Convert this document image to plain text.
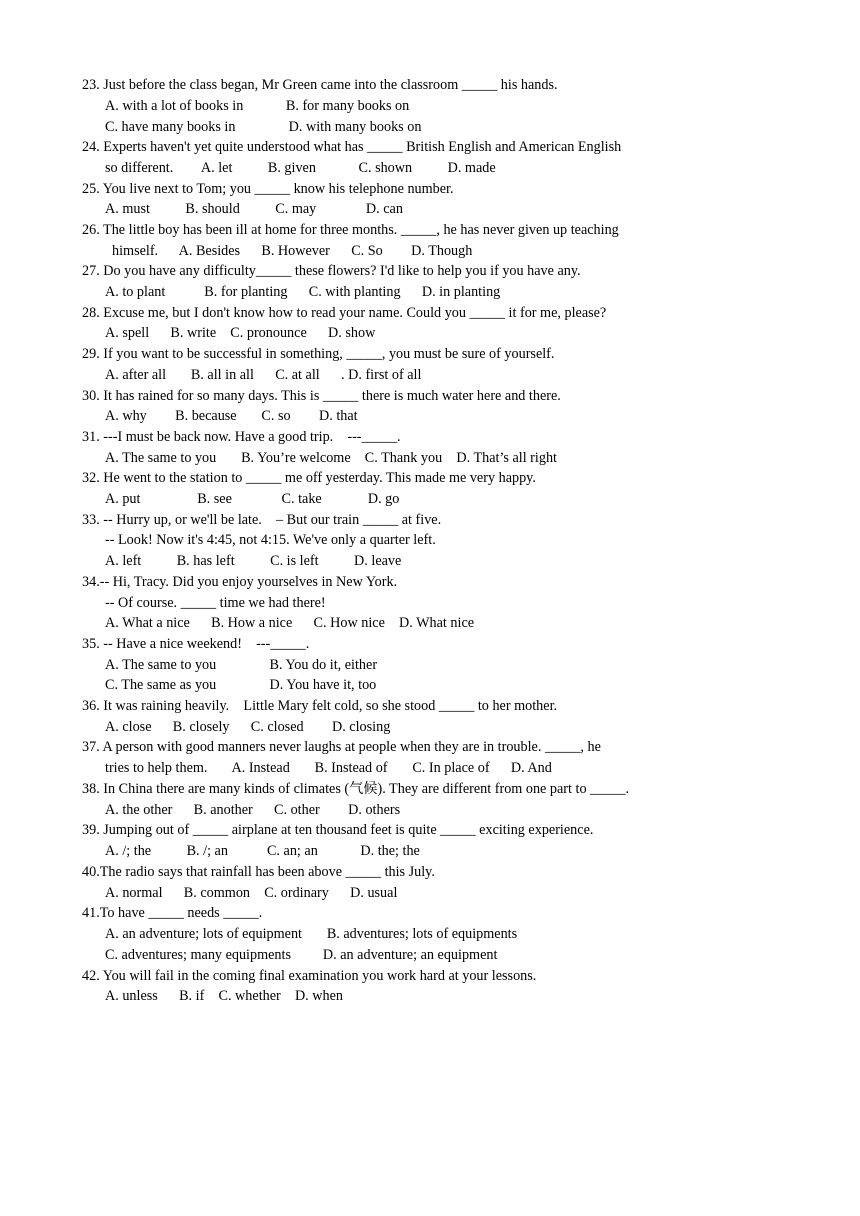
23. Just before the class began, Mr Green came into the classroom _____ his hands.
A. with a lot of books in            B. for many books on
C. have many books in               D. with many books on
24. Experts haven't yet quite understood what has _____ British English and American English
so different.        A. let          B. given            C. shown          D. made
25. You live next to Tom; you _____ know his telephone number.
A. must          B. should          C. may              D. can
26. The little boy has been ill at home for three months. _____, he has never given up teaching
himself.      A. Besides      B. However      C. So        D. Though
27. Do you have any difficulty_____ these flowers? I'd like to help you if you have any.
A. to plant           B. for planting      C. with planting      D. in planting
28. Excuse me, but I don't know how to read your name. Could you _____ it for me, please?
A. spell      B. write    C. pronounce      D. show
29. If you want to be successful in something, _____, you must be sure of yourself.
A. after all       B. all in all      C. at all      . D. first of all
30. It has rained for so many days. This is _____ there is much water here and there.
A. why        B. because       C. so        D. that
31. ---I must be back now. Have a good trip.    ---_____.
A. The same to you       B. You’re welcome    C. Thank you    D. That’s all right
32. He went to the station to _____ me off yesterday. This made me very happy.
A. put                B. see              C. take             D. go
33. -- Hurry up, or we'll be late.    – But our train _____ at five.
-- Look! Now it's 4:45, not 4:15. We've only a quarter left.
A. left          B. has left          C. is left          D. leave
34.-- Hi, Tracy. Did you enjoy yourselves in New York.
-- Of course. _____ time we had there!
A. What a nice      B. How a nice      C. How nice    D. What nice
35. -- Have a nice weekend!    ---_____.
A. The same to you               B. You do it, either
C. The same as you               D. You have it, too
36. It was raining heavily.    Little Mary felt cold, so she stood _____ to her mother.
A. close      B. closely      C. closed        D. closing
37. A person with good manners never laughs at people when they are in trouble. _____, he
tries to help them.       A. Instead       B. Instead of       C. In place of      D. And
38. In China there are many kinds of climates (气候). They are different from one part to _____.
A. the other      B. another      C. other        D. others
39. Jumping out of _____ airplane at ten thousand feet is quite _____ exciting experience.
A. /; the          B. /; an           C. an; an            D. the; the
40.The radio says that rainfall has been above _____ this July.
A. normal      B. common    C. ordinary      D. usual
41.To have _____ needs _____.
A. an adventure; lots of equipment       B. adventures; lots of equipments
C. adventures; many equipments         D. an adventure; an equipment
42. You will fail in the coming final examination you work hard at your lessons.
A. unless      B. if    C. whether    D. when
